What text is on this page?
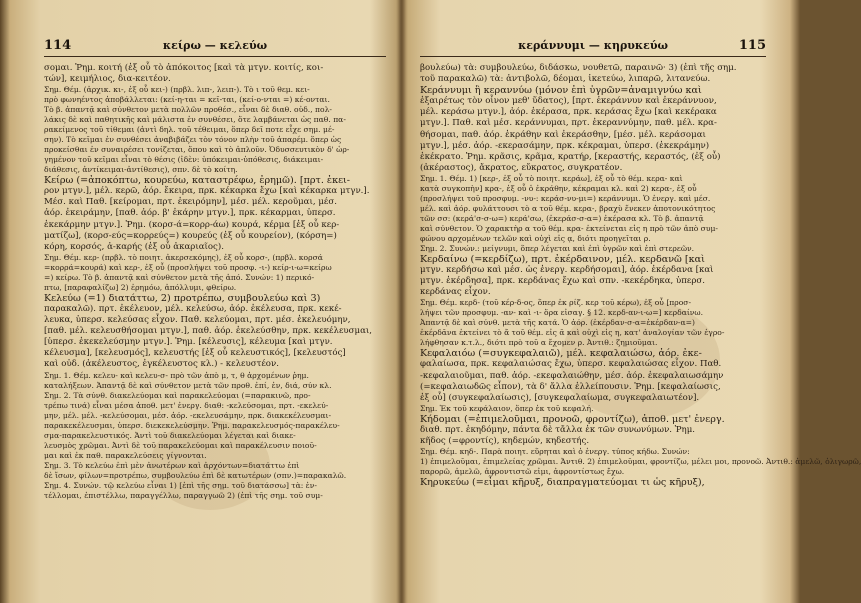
114	κείρω — κελεύω
σομαι. Ῥημ. κοιτή (ἐξ οὗ τὸ ἀπόκοιτος [καὶ τὰ μτγν. κοιτίς, κοι-
τών], κειμήλιος, δια-κειτέον.
Σημ. Θέμ. (ἀρχικ. κι-, ἐξ οὗ κει-) (πρβλ. λιπ-, λειπ-). Τὸ ι τοῦ θεμ. κει-
πρὸ φωνηέντος ἀποβάλλεται: (κεί-η-ται = κεῖ-ται, (κεί-ο-νται =) κέ-ονται.
Τὸ β. ἀπαντᾷ καὶ σύνθετον μετὰ πολλῶν προθέσ., εἶναι δὲ διαθ. οὐδ., πολ-
λάκις δὲ καὶ παθητικῆς καὶ μάλιστα ἐν συνθέσει, ὅτε λαμβάνεται ὡς παθ. πα-
ρακείμενος τοῦ τίθεμαι (ἀντὶ δηλ. τοῦ τέθειμαι, ὅπερ δεῖ ποτε εἶχε σημ. μέ-
σην). Τὸ κεῖμαι ἐν συνθέσει ἀναβιβάζει τὸν τόνον πλὴν τοῦ ἀπαρέμ. ὅπερ ὡς
προκείσθαι ἐν συναιρέσει τονίζεται, ὅπου καὶ τὸ ἀπλοῦν. Ὀδυσσευτικὸν δ' ὡρ-
γημένον τοῦ κεῖμαι εἶναι τὸ θέσις (ἰδὲν: ὑπόκειμαι-ὑπόθεσις, διάκειμαι-
διάθεσις, ἀντίκειμαι-ἀντίθεσις), σπν. δὲ τὸ κοίτη.
Κείρω (=ἀποκόπτω, κουρεύω, καταστρέφω, ἐρημῶ). [πρτ. ἐκει-
ρον μτγν.], μέλ. κερῶ, ἀόρ. ἔκειρα, πρκ. κέκαρκα ἔχω [καὶ κέκαρκα μτγν.].
Μέσ. καὶ Παθ. [κείρομαι, πρτ. ἐκειρόμην], μέσ. μέλ. κεροῦμαι, μέσ.
ἀόρ. ἐκειράμην, [παθ. ἀόρ. β' ἐκάρην μτγν.], πρκ. κέκαρμαι, ὑπερσ.
ἐκεκάρμην μτγν.]. Ῥημ. (κορσ-ά=κορρ-άω) κουρά, κέρμα [ἐξ οὗ κερ-
ματίζω], (κορσ-εύς=κορρεύς=) κουρεύς (ἐξ οὗ κουρείον), (κόρση=)
κόρη, κορσός, ἀ-καρής (ἐξ οὗ ἀκαριαῖος).
Σημ. Θέμ. κερ- (πρβλ. τὸ ποιητ. ἀκερσεκόμης), ἐξ οὗ κορσ-, (πρβλ. κορσά
=κορρά=κουρά) καὶ κερ-, ἐξ οὗ (προσλήψει τοῦ προσφ. -ι-) κείρ-ι-ω=κείρω
=) κείρω. Τὸ β. ἀπαντᾷ καὶ σύνθετον μετὰ τῆς ἀπό. Συνών: 1) περικό-
πτω, [παραφαλίζω] 2) ἐρημόω, ἀπόλλυμι, φθείρω.
Κελεύω (=1) διατάττω, 2) προτρέπω, συμβουλεύω καὶ 3)
παρακαλῶ). πρτ. ἐκέλευον, μέλ. κελεύσω, ἀόρ. ἐκέλευσα, πρκ. κεκέ-
λευκα, ὑπερσ. κελεύσας εἶχον. Παθ. κελεύομαι, πρτ. μέσ. ἐκελευόμην,
[παθ. μέλ. κελευσθήσομαι μτγν.], παθ. ἀόρ. ἐκελεύσθην, πρκ. κεκέλευσμαι,
[ὑπερσ. ἐκεκελεύσμην μτγν.]. Ῥημ. [κέλευσις], κέλευμα [καὶ μτγν.
κέλευσμα], [κελευσμός], κελευστής [ἐξ οὗ κελευστικός], [κελευστός]
καὶ οὐδ. (ἀκέλευστος, ἐγκέλευστος κλ.) - κελευστέον.
Σημ. 1. Θέμ. κελευ- καὶ κελευ-σ- πρὸ τῶν ἀπὸ μ, τ, θ ἀρχομένων ῥημ.
καταλήξεων. Ἀπαντᾷ δὲ καὶ σύνθετον μετὰ τῶν προθ. ἐπί, ἐν, διά, σύν κλ.
Σημ. 2. Τὰ σύνθ. διακελεύομαι καὶ παρακελεύομαι (=παρακινῶ, προ-
τρέπω τινά) εἶναι μέσα ἀποθ. μετ' ἐνεργ. διαθ: -κελεύσομαι, πρτ. -εκελεύ-
μην, μέλ. μέλ. -κελεύσομαι, μέσ. ἀόρ. -εκελευσάμην, πρκ. διακεκέλευσμαι-
παρακεκέλευσμαι, ὑπερσ. διεκεκελεύσμην. Ῥημ. παρακελευσμός-παρακέλευ-
σμα-παρακελευστικός. Ἀντὶ τοῦ διακελεύομαι λέγεται καὶ διακε-
λευσμὸς χρῶμαι. Ἀντὶ δὲ τοῦ παρακελεύομαι καὶ παρακέλευσιν ποιοῦ-
μαι καὶ ἐκ παθ. παρακελεύσεις γίγνονται.
Σημ. 3. Τὸ κελεύω ἐπὶ μὲν ἀνωτέρων καὶ ἀρχόντων=διατάττω ἐπὶ
δὲ ἴσων, φίλων=προτρέπω, συμβουλεύω ἐπὶ δὲ κατωτέρων (σπν.)=παρακαλῶ.
Σημ. 4. Συνών. τῷ κελεύω εἶναι 1) [ἐπὶ τῆς σημ. τοῦ διατάσσω] τὰ: ἐν-
τέλλομαι, ἐπιστέλλω, παραγγέλλω, παραγγωῶ 2) (ἐπὶ τῆς σημ. τοῦ συμ-
κεράννυμι — κηρυκεύω	115
βουλεύω) τὰ: συμβουλεύω, διδάσκω, νουθετῶ, παραινῶ· 3) (ἐπὶ τῆς σημ.
τοῦ παρακαλῶ) τὰ: ἀντιβολῶ, δέομαι, ἱκετεύω, λιπαρῶ, λιτανεύω.
Κεράννυμι ἢ κεραννύω (μόνον ἐπὶ ὑγρῶν=ἀναμιγνύω καὶ
ἐξαιρέτως τὸν οἶνον μεθ' ὕδατος), [πρτ. ἐκεράννυν καὶ ἐκεράννυον,
μέλ. κεράσω μτγν.], ἀόρ. ἐκέρασα, πρκ. κεράσας ἔχω [καὶ κεκέρακα
μτγν.]. Παθ. καὶ μέσ. κεράννυμαι, πρτ. ἐκεραννύμην, παθ. μέλ. κρα-
θήσομαι, παθ. ἀόρ. ἐκράθην καὶ ἐκεράσθην, [μέσ. μέλ. κεράσομαι
μτγν.], μέσ. ἀόρ. -εκερασάμην, πρκ. κέκραμαι, ὑπερσ. (ἐκεκράμην)
ἐκέκρατο. Ῥημ. κρᾶσις, κρᾶμα, κρατήρ, [κεραστής, κεραστός, (ἐξ οὗ)
(ἀκέραστος), ἄκρατος, εὔκρατος, συγκρατέον.
Σημ. 1. Θέμ. 1) [κερ-, ἐξ οὗ τὸ ποιητ. κεράω], ἐξ οὗ τὸ θέμ. κερα- καὶ
κατὰ συγκοπὴν] κρα-, ἐξ οὗ ὁ ἐκράθην, κέκραμαι κλ. καὶ 2) κερα-, ἐξ οὗ
(προσλήψει τοῦ προσφυμ. -νυ-: κεράσ-νυ-μι=) κεράννυμι. Ὁ ἐνεργ. καὶ μέσ.
μέλ. καὶ ἀόρ. φυλάττουσι τὸ α τοῦ θέμ. κερα-, βραχὺ ἕνεκεν ἀποτονικότητος
τῶν σσ: (κερά'σ-σ-ω=) κερά'σω, (ἐκεράσ-σ-α=) ἐκέρασα κλ. Τὸ β. ἀπαντᾷ
καὶ σύνθετον. Ὁ χαρακτὴρ α τοῦ θέμ. κρα- ἐκτείνεται εἰς η πρὸ τῶν ἀπὸ συμ-
φώνου αρχομένων τελῶν καὶ οὐχὶ εἰς ᾳ, διότι προηγεῖται ρ.
Σημ. 2. Συνών.: μείγνυμι, ὅπερ λέγεται καὶ ἐπὶ ὑγρῶν καὶ ἐπὶ στερεῶν.
Κερδαίνω (=κερδίζω), πρτ. ἐκέρδαινον, μέλ. κερδανῶ [καὶ
μτγν. κερδήσω καὶ μέσ. ὡς ἐνεργ. κερδήσομαι], ἀόρ. ἐκέρδανα [καὶ
μτγν. ἐκέρδησα], πρκ. κερδάνας ἔχω καὶ σπν. -κεκέρδηκα, ὑπερσ.
κερδάνας εἶχον.
Σημ. Θέμ. κερδ- (τοῦ κέρ-δ-ος, ὅπερ ἐκ ρίζ. κερ τοῦ κέρω), ἐξ οὗ [προσ-
λήψει τῶν προσφυμ. -αν- καὶ -ι- ὅρα εἰσαγ. § 12. κερδ-αν-ι-ω=] κερδαίνω.
Ἀπαντᾷ δὲ καὶ σύνθ. μετὰ τῆς κατά. Ὁ ἀόρ. (ἐκέρδαν-σ-α=ἐκέρδαν-α=)
ἐκέρδᾶνα ἐκτείνει τὸ ἄ τοῦ θέμ. εἰς ᾶ καὶ οὐχὶ εἰς η, κατ' ἀναλογίαν τῶν ἐγρο-
λήφθησαν κ.τ.λ., διότι πρὸ τοῦ α ἔχομεν ρ. Ἀντιθ.: ζημιοῦμαι.
Κεφαλαιόω (=συγκεφαλαιῶ), μέλ. κεφαλαιώσω, ἀόρ. ἐκε-
φαλαίωσα, πρκ. κεφαλαιώσας ἔχω, ὑπερσ. κεφαλαιώσας εἶχον. Παθ.
-κεφαλαιοῦμαι, παθ. ἀόρ. -εκεφαλαιώθην, μέσ. ἀόρ. ἐκεφαλαιωσάμην
(=κεφαλαιωδῶς εἶπον), τὰ δ' ἄλλα ἐλλείπουσιν. Ῥημ. [κεφαλαίωσις,
ἐξ οὗ] (συγκεφαλαίωσις), [συγκεφαλαίωμα, συγκεφαλαιωτέον].
Σημ. Ἐκ τοῦ κεφάλαιον, ὅπερ ἐκ τοῦ κεφαλή.
Κήδομαι (=ἐπιμελοῦμαι, προνοῶ, φροντίζω), ἀποθ. μετ' ἐνεργ.
διαθ. πρτ. ἐκηδόμην, πάντα δὲ τἄλλα ἐκ τῶν συνωνύμων. Ῥημ.
κῆδος (=φροντίς), κηδεμών, κηδεστής.
Σημ. Θέμ. κηδ-. Παρὰ ποιητ. εὕρηται καὶ ὁ ἐνεργ. τύπος κήδω. Συνών:
1) ἐπιμελοῦμαι, ἐπιμελείας χρῶμαι. Ἀντιθ. 2) ἐπιμελοῦμαι, φροντίζω, μέλει μοι, προνοῶ. Ἀντιθ.: ἀμελῶ, ὀλιγωρῶ,
παρορῶ, ἀμελῶ, ἀφροντιστῶ εἰμι, ἀφροντίστως ἔχω.
Κηρυκεύω (=εἶμαι κῆρυξ, διαπραγματεύομαι τι ὡς κῆρυξ),
